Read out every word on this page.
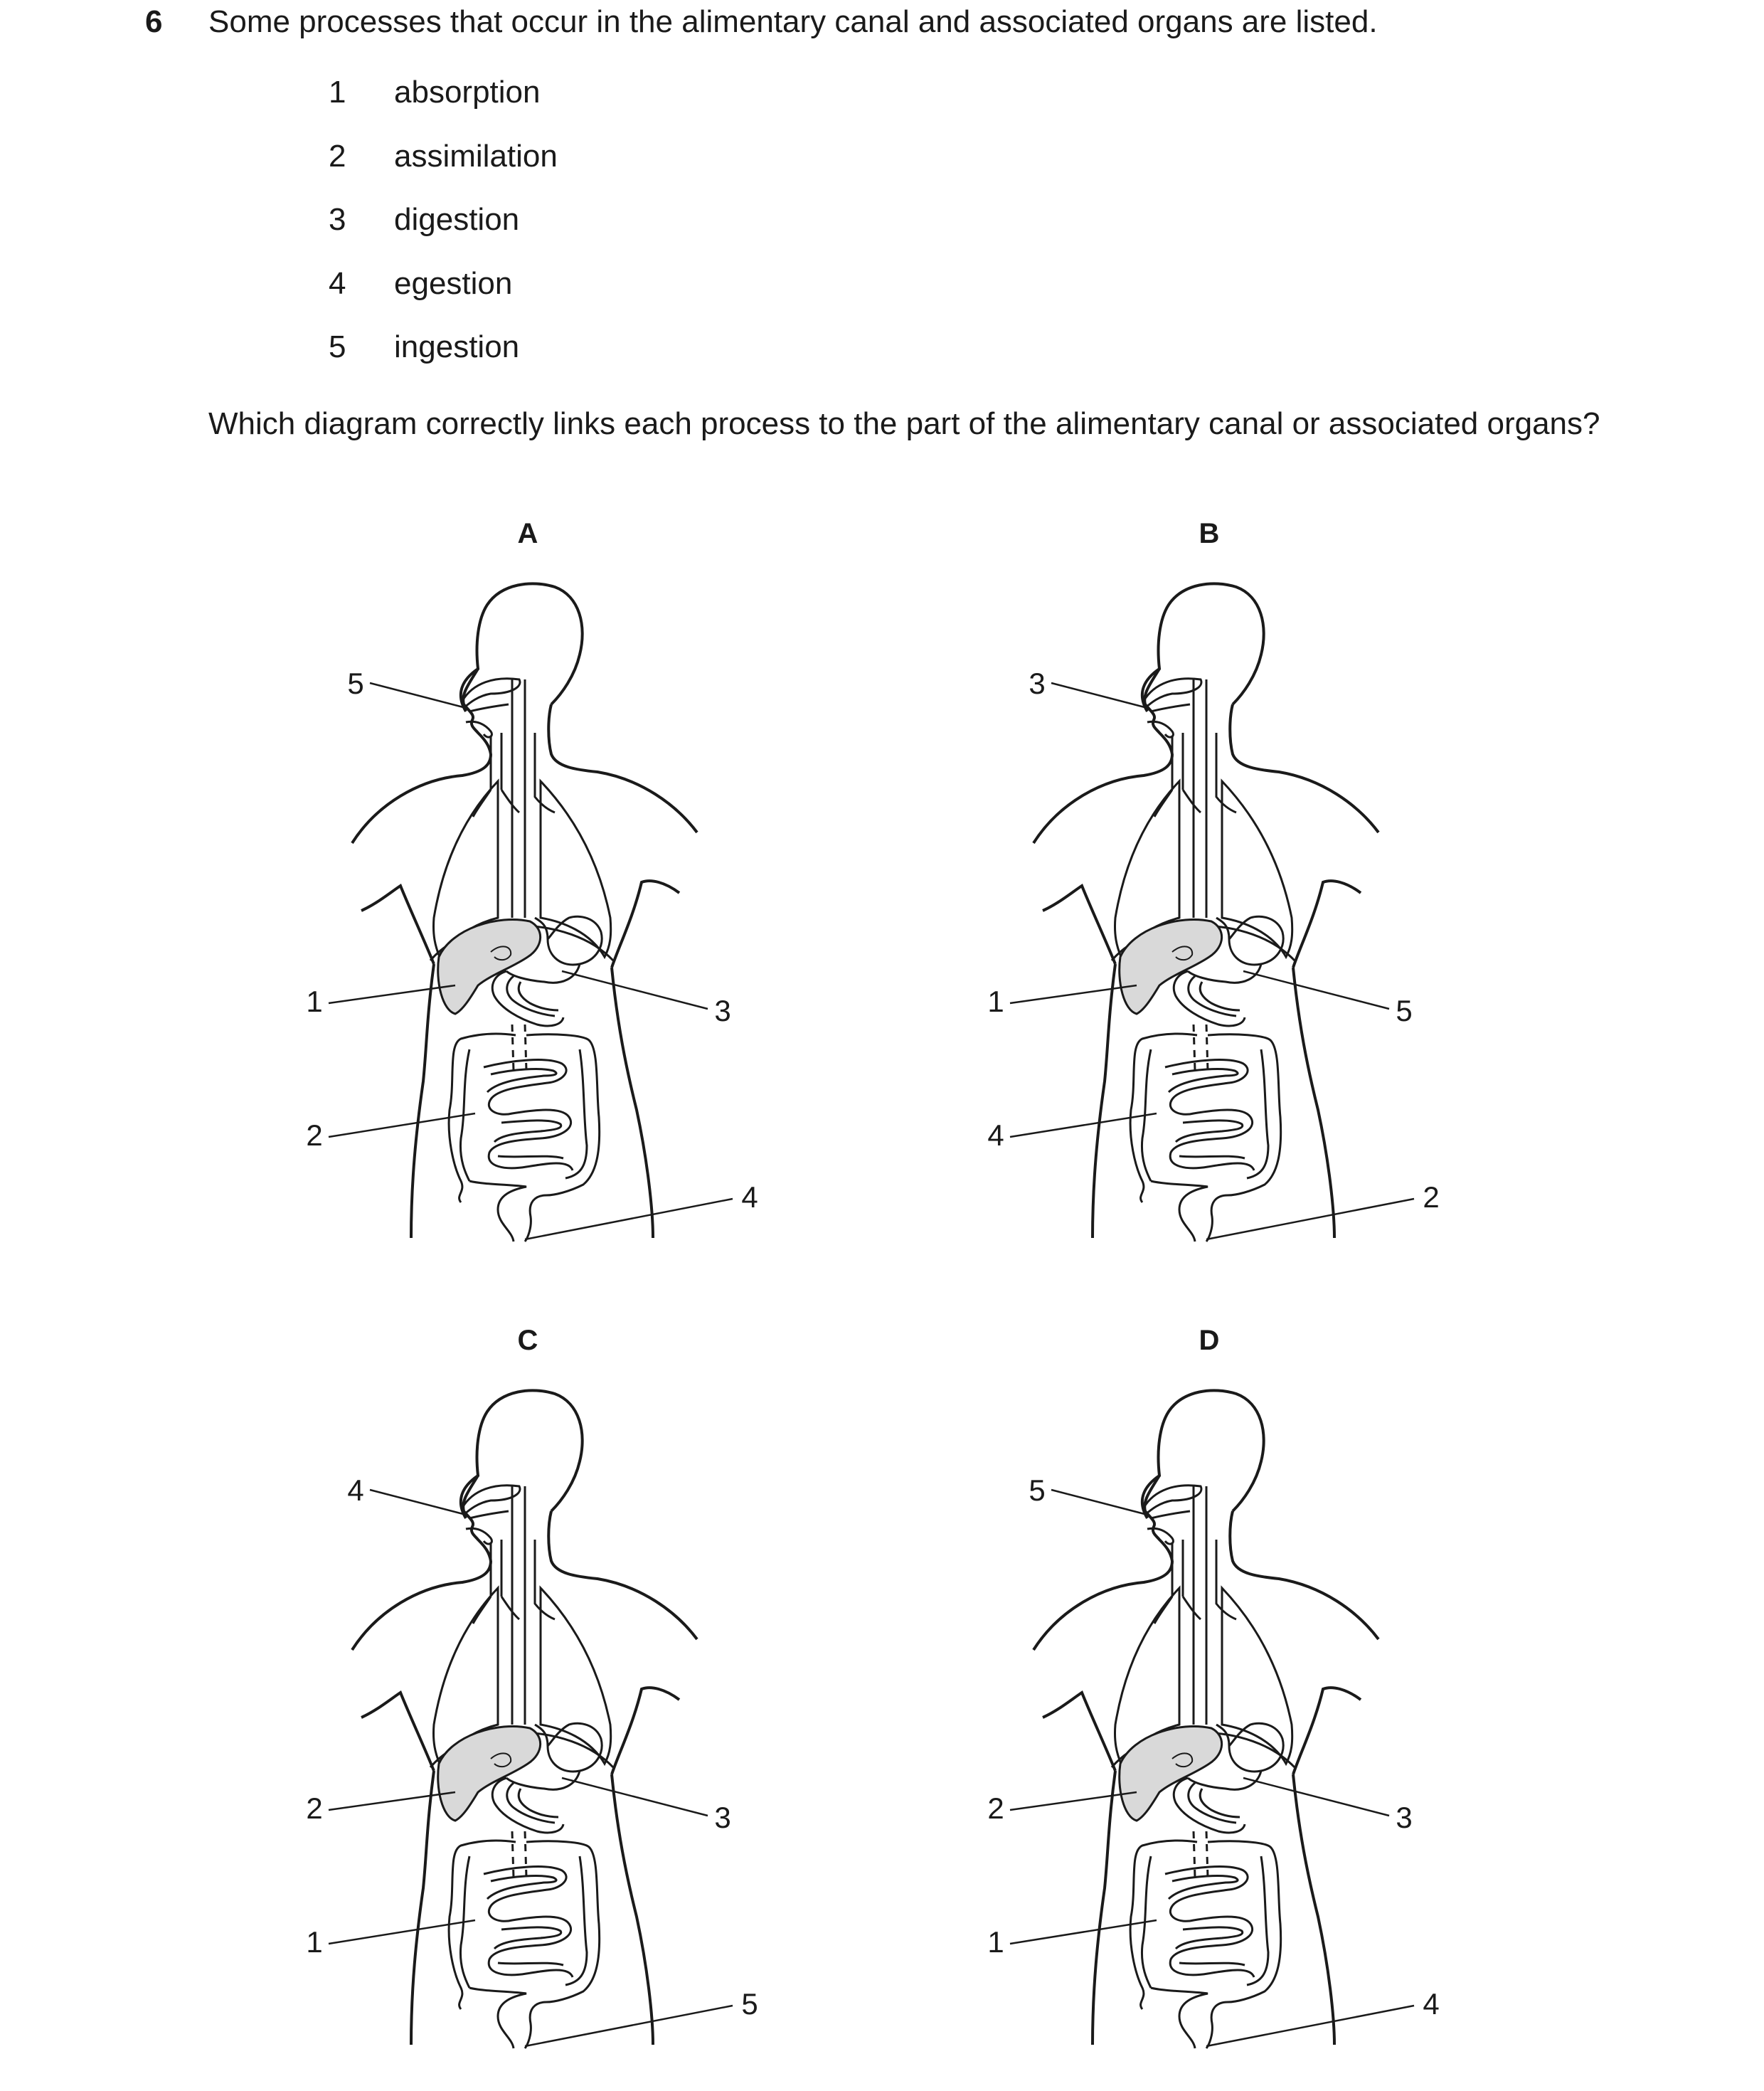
6 Some processes that occur in the alimentary canal and associated organs are listed.
1	absorption
2	assimilation
3	digestion
4	egestion
5	ingestion

Which diagram correctly links each process to the part of the alimentary canal or associated organs?

A	B
C	D
5
1	3
2
4
3
1	5
4
2
4
2	3
1
5
5
2	3
1
4
